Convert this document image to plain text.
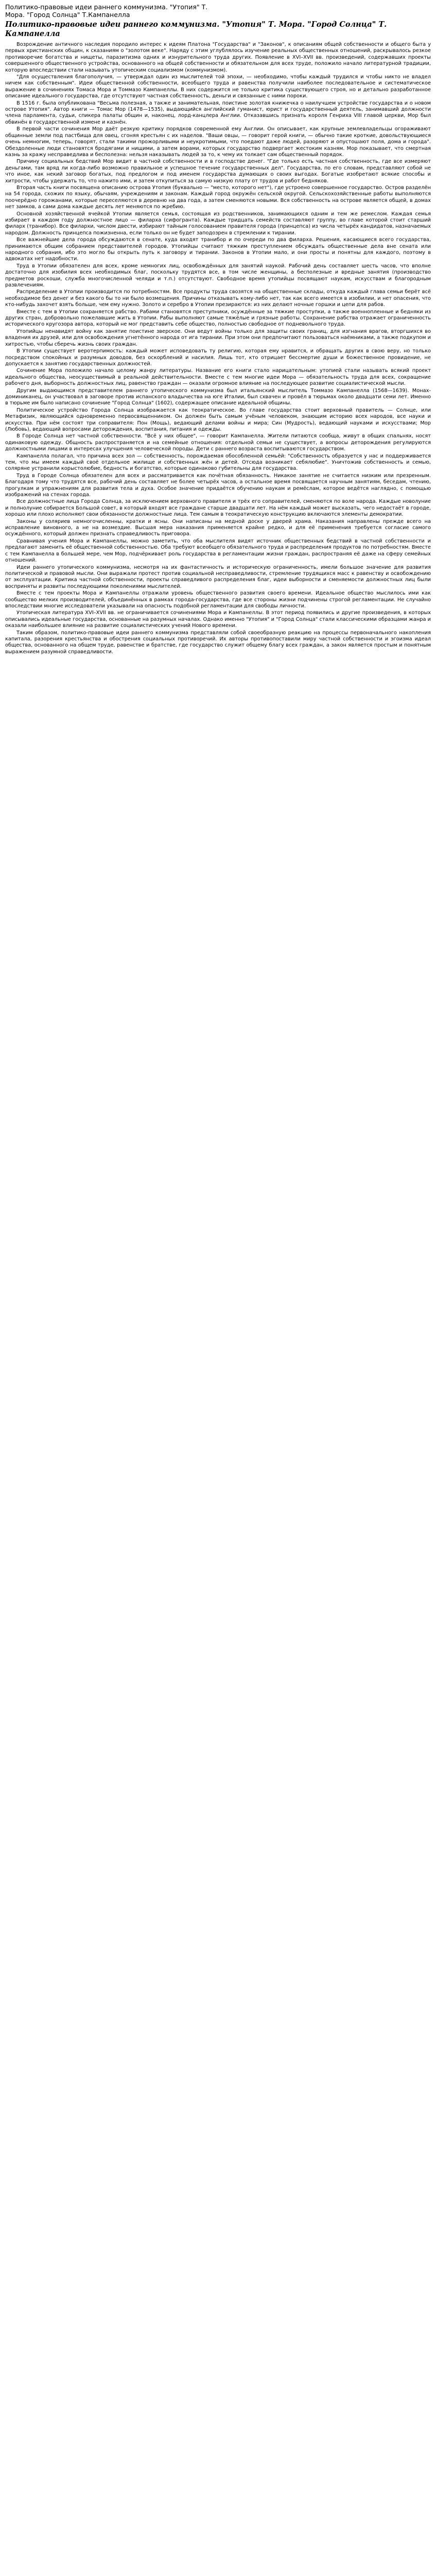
Политико-правовые идеи раннего коммунизма. "Утопия" Т.
Мора. "Город Солнца" Т.Кампанелла
Политико-правовые идеи раннего коммунизма. "Утопия" Т. Мора. "Город Солнца" Т. Кампанелла

Возрождение античного наследия породило интерес к идеям Платона "Государства" и "Законов", к описаниям общей собственности и общего быта у первых христианских общин, к сказаниям о "золотом веке". Наряду с этим углублялось изучение реальных общественных отношений, раскрывалось резкое противоречие богатства и нищеты, паразитизма одних и изнурительного труда других. Появление в XVI–XVII вв. произведений, содержавших проекты совершенного общественного устройства, основанного на общей собственности и обязательном для всех труде, положило начало литературной традиции, которую впоследствии стали называть утопическим социализмом (коммунизмом).

"Для осуществления благополучия, — утверждал один из мыслителей той эпохи, — необходимо, чтобы каждый трудился и чтобы никто не владел ничем как собственным". Идеи общественной собственности, всеобщего труда и равенства получили наиболее последовательное и систематическое выражение в сочинениях Томаса Мора и Томмазо Кампанеллы. В них содержится не только критика существующего строя, но и детально разработанное описание идеального государства, где отсутствуют частная собственность, деньги и связанные с ними пороки.

В 1516 г. была опубликована "Весьма полезная, а также и занимательная, поистине золотая книжечка о наилучшем устройстве государства и о новом острове Утопия". Автор книги — Томас Мор (1478—1535), выдающийся английский гуманист, юрист и государственный деятель, занимавший должности члена парламента, судьи, спикера палаты общин и, наконец, лорд-канцлера Англии. Отказавшись признать короля Генриха VIII главой церкви, Мор был обвинён в государственной измене и казнён.

В первой части сочинения Мор даёт резкую критику порядков современной ему Англии. Он описывает, как крупные землевладельцы огораживают общинные земли под пастбища для овец, сгоняя крестьян с их наделов. "Ваши овцы, — говорит герой книги, — обычно такие кроткие, довольствующиеся очень немногим, теперь, говорят, стали такими прожорливыми и неукротимыми, что поедают даже людей, разоряют и опустошают поля, дома и города". Обездоленные люди становятся бродягами и нищими, а затем ворами, которых государство подвергает жестоким казням. Мор показывает, что смертная казнь за кражу несправедлива и бесполезна: нельзя наказывать людей за то, к чему их толкает сам общественный порядок.

Причину социальных бедствий Мор видит в частной собственности и в господстве денег. "Где только есть частная собственность, где все измеряют деньгами, там вряд ли когда-либо возможно правильное и успешное течение государственных дел". Государства, по его словам, представляют собой не что иное, как некий заговор богатых, под предлогом и под именем государства думающих о своих выгодах. Богатые изобретают всякие способы и хитрости, чтобы удержать то, что нажито ими, и затем откупиться за самую низкую плату от трудов и работ бедняков.

Вторая часть книги посвящена описанию острова Утопия (буквально — "место, которого нет"), где устроено совершенное государство. Остров разделён на 54 города, схожих по языку, обычаям, учреждениям и законам. Каждый город окружён сельской округой. Сельскохозяйственные работы выполняются поочерёдно горожанами, которые переселяются в деревню на два года, а затем сменяются новыми. Вся собственность на острове является общей, в домах нет замков, а сами дома каждые десять лет меняются по жребию.

Основной хозяйственной ячейкой Утопии является семья, состоящая из родственников, занимающихся одним и тем же ремеслом. Каждая семья избирает в каждом году должностное лицо — филарха (сифогранта). Каждые тридцать семейств составляют группу, во главе которой стоит старший филарх (транибор). Все филархи, числом двести, избирают тайным голосованием правителя города (принцепса) из числа четырёх кандидатов, назначаемых народом. Должность принцепса пожизненна, если только он не будет заподозрен в стремлении к тирании.

Все важнейшие дела города обсуждаются в сенате, куда входят транибор и по очереди по два филарха. Решения, касающиеся всего государства, принимаются общим собранием представителей городов. Утопийцы считают тяжким преступлением обсуждать общественные дела вне сената или народного собрания, ибо это могло бы открыть путь к заговору и тирании. Законов в Утопии мало, и они просты и понятны для каждого, поэтому в адвокатах нет надобности.

Труд в Утопии обязателен для всех, кроме немногих лиц, освобождённых для занятий наукой. Рабочий день составляет шесть часов, что вполне достаточно для изобилия всех необходимых благ, поскольку трудятся все, в том числе женщины, а бесполезные и вредные занятия (производство предметов роскоши, служба многочисленной челяди и т.п.) отсутствуют. Свободное время утопийцы посвящают наукам, искусствам и благородным развлечениям.

Распределение в Утопии производится по потребностям. Все продукты труда свозятся на общественные склады, откуда каждый глава семьи берёт всё необходимое без денег и без какого бы то ни было возмещения. Причины отказывать кому-либо нет, так как всего имеется в изобилии, и нет опасения, что кто-нибудь захочет взять больше, чем ему нужно. Золото и серебро в Утопии презираются: из них делают ночные горшки и цепи для рабов.

Вместе с тем в Утопии сохраняется рабство. Рабами становятся преступники, осуждённые за тяжкие проступки, а также военнопленные и бедняки из других стран, добровольно пожелавшие жить в Утопии. Рабы выполняют самые тяжёлые и грязные работы. Сохранение рабства отражает ограниченность исторического кругозора автора, который не мог представить себе общество, полностью свободное от подневольного труда.

Утопийцы ненавидят войну как занятие поистине зверское. Они ведут войны только для защиты своих границ, для изгнания врагов, вторгшихся во владения их друзей, или для освобождения угнетённого народа от ига тирании. При этом они предпочитают пользоваться наёмниками, а также подкупом и хитростью, чтобы сберечь жизнь своих граждан.

В Утопии существует веротерпимость: каждый может исповедовать ту религию, которая ему нравится, и обращать других в свою веру, но только посредством спокойных и разумных доводов, без оскорблений и насилия. Лишь тот, кто отрицает бессмертие души и божественное провидение, не допускается к занятию государственных должностей.

Сочинение Мора положило начало целому жанру литературы. Название его книги стало нарицательным: утопией стали называть всякий проект идеального общества, неосуществимый в реальной действительности. Вместе с тем многие идеи Мора — обязательность труда для всех, сокращение рабочего дня, выборность должностных лиц, равенство граждан — оказали огромное влияние на последующее развитие социалистической мысли.

Другим выдающимся представителем раннего утопического коммунизма был итальянский мыслитель Томмазо Кампанелла (1568—1639). Монах-доминиканец, он участвовал в заговоре против испанского владычества на юге Италии, был схвачен и провёл в тюрьмах около двадцати семи лет. Именно в тюрьме им было написано сочинение "Город Солнца" (1602), содержащее описание идеальной общины.

Политическое устройство Города Солнца изображается как теократическое. Во главе государства стоит верховный правитель — Солнце, или Метафизик, являющийся одновременно первосвященником. Он должен быть самым учёным человеком, знающим историю всех народов, все науки и искусства. При нём состоят три соправителя: Пон (Мощь), ведающий делами войны и мира; Син (Мудрость), ведающий науками и искусствами; Мор (Любовь), ведающий вопросами деторождения, воспитания, питания и одежды.

В Городе Солнца нет частной собственности. "Всё у них общее", — говорит Кампанелла. Жители питаются сообща, живут в общих спальнях, носят одинаковую одежду. Общность распространяется и на семейные отношения: отдельной семьи не существует, а вопросы деторождения регулируются должностными лицами в интересах улучшения человеческой породы. Дети с раннего возраста воспитываются государством.

Кампанелла полагал, что причина всех зол — собственность, порождаемая обособленной семьёй: "Собственность образуется у нас и поддерживается тем, что мы имеем каждый своё отдельное жилище и собственных жён и детей. Отсюда возникает себялюбие". Уничтожив собственность и семью, соляряне устранили корыстолюбие, бедность и богатство, которые одинаково губительны для государства.

Труд в Городе Солнца обязателен для всех и рассматривается как почётная обязанность. Никакое занятие не считается низким или презренным. Благодаря тому что трудятся все, рабочий день составляет не более четырёх часов, а остальное время посвящается научным занятиям, беседам, чтению, прогулкам и упражнениям для развития тела и духа. Особое значение придаётся обучению наукам и ремёслам, которое ведётся наглядно, с помощью изображений на стенах города.

Все должностные лица Города Солнца, за исключением верховного правителя и трёх его соправителей, сменяются по воле народа. Каждые новолуние и полнолуние собирается Большой совет, в который входят все граждане старше двадцати лет. На нём каждый может высказать, чего недостаёт в городе, хорошо или плохо исполняют свои обязанности должностные лица. Тем самым в теократическую конструкцию включаются элементы демократии.

Законы у соляриев немногочисленны, кратки и ясны. Они написаны на медной доске у дверей храма. Наказания направлены прежде всего на исправление виновного, а не на возмездие. Высшая мера наказания применяется крайне редко, и для её применения требуется согласие самого осуждённого, который должен признать справедливость приговора.

Сравнивая учения Мора и Кампанеллы, можно заметить, что оба мыслителя видят источник общественных бедствий в частной собственности и предлагают заменить её общественной собственностью. Оба требуют всеобщего обязательного труда и распределения продуктов по потребностям. Вместе с тем Кампанелла в большей мере, чем Мор, подчёркивает роль государства в регламентации жизни граждан, распространяя её даже на сферу семейных отношений.

Идеи раннего утопического коммунизма, несмотря на их фантастичность и историческую ограниченность, имели большое значение для развития политической и правовой мысли. Они выражали протест против социальной несправедливости, стремление трудящихся масс к равенству и освобождению от эксплуатации. Критика частной собственности, проекты справедливого распределения благ, идеи выборности и сменяемости должностных лиц были восприняты и развиты последующими поколениями мыслителей.

Вместе с тем проекты Мора и Кампанеллы отражали уровень общественного развития своего времени. Идеальное общество мыслилось ими как сообщество мелких производителей, объединённых в рамках города-государства, где все стороны жизни подчинены строгой регламентации. Не случайно впоследствии многие исследователи указывали на опасность подобной регламентации для свободы личности.

Утопическая литература XVI–XVII вв. не ограничивается сочинениями Мора и Кампанеллы. В этот период появились и другие произведения, в которых описывались идеальные государства, основанные на разумных началах. Однако именно "Утопия" и "Город Солнца" стали классическими образцами жанра и оказали наибольшее влияние на развитие социалистических учений Нового времени.

Таким образом, политико-правовые идеи раннего коммунизма представляли собой своеобразную реакцию на процессы первоначального накопления капитала, разорения крестьянства и обострения социальных противоречий. Их авторы противопоставили миру частной собственности и эгоизма идеал общества, основанного на общем труде, равенстве и братстве, где государство служит общему благу всех граждан, а закон является простым и понятным выражением разумной справедливости.
